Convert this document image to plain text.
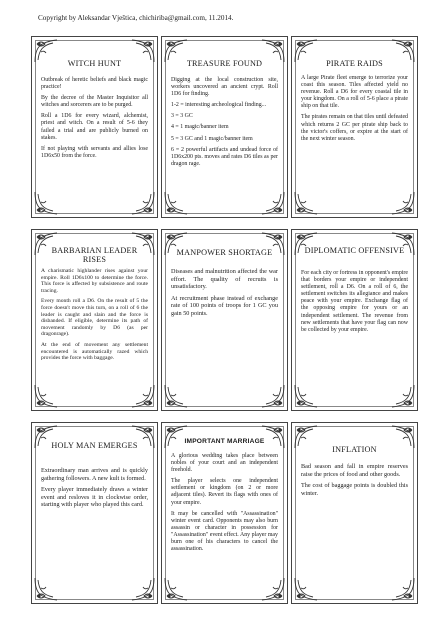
Copyright by Aleksandar Vještica, chichiriba@gmail.com, 11.2014.
WITCH HUNT

Outbreak of heretic beliefs and black magic practice!

By the decree of the Master Inquisitor all witches and sorcerers are to be purged.

Roll a 1D6 for every wizard, alchemist, priest and witch. On a result of 5-6 they failed a trial and are publicly burned on stakes.

If not playing with servants and allies lose 1D6x50 from the force.

TREASURE FOUND

Digging at the local construction site, workers uncovered an ancient crypt. Roll 1D6 for finding.

1-2 = interesting archeological finding...

3 = 3 GC

4 = 1 magic/banner item

5 = 3 GC and 1 magic/banner item

6 = 2 powerful artifacts and undead force of 1D6x200 pts. moves and rates D6 tiles as per dragon rage.

PIRATE RAIDS

A large Pirate fleet emerge to terrorize your coast this season. Tiles affected yield no revenue. Roll a D6 for every coastal tile in your kingdom. On a roll of 5-6 place a pirate ship on that tile.

The pirates remain on that tiles until defeated which returns 2 GC per pirate ship back to the victor's coffers, or expire at the start of the next winter season.

BARBARIAN LEADER RISES

A charismatic highlander rises against your empire. Roll 1D6x100 to determine the force. This force is affected by subsistence and route tracing.

Every month roll a D6. On the result of 5 the force doesn't move this turn, on a roll of 6 the leader is caught and slain and the force is disbanded. If eligible, determine its path of movement randomly by D6 (as per dragonrage).

At the end of movement any settlement encountered is automatically razed which provides the force with baggage.

MANPOWER SHORTAGE

Diseases and malnutrition affected the war effort. The quality of recruits is unsatisfactory.

At recruitment phase instead of exchange rate of 100 points of troops for 1 GC you gain 50 points.

DIPLOMATIC OFFENSIVE

For each city or fortress in opponent's empire that borders your empire or independent settlement, roll a D6. On a roll of 6, the settlement switches its allegiance and makes peace with your empire. Exchange flag of the opposing empire for yours or an independent settlement. The revenue from new settlements that have your flag can now be collected by your empire.

HOLY MAN EMERGES

Extraordinary man arrives and is quickly gathering followers. A new kult is formed.

Every player immediately draws a winter event and resloves it in clockwise order, starting with player who played this card.

IMPORTANT MARRIAGE

A glorious wedding takes place between nobles of your court and an independent freehold.

The player selects one independent settlement or kingdom (on 2 or more adjacent tiles). Revert its flags with ones of your empire.

It may be cancelled with "Assassination" winter event card. Opponents may also burn assassin or character in possession for "Assassination" event effect. Any player may burn one of his characters to cancel the assassination.

INFLATION

Bad season and fall in empire reserves raise the prices of food and other goods.

The cost of baggage points is doubled this winter.
